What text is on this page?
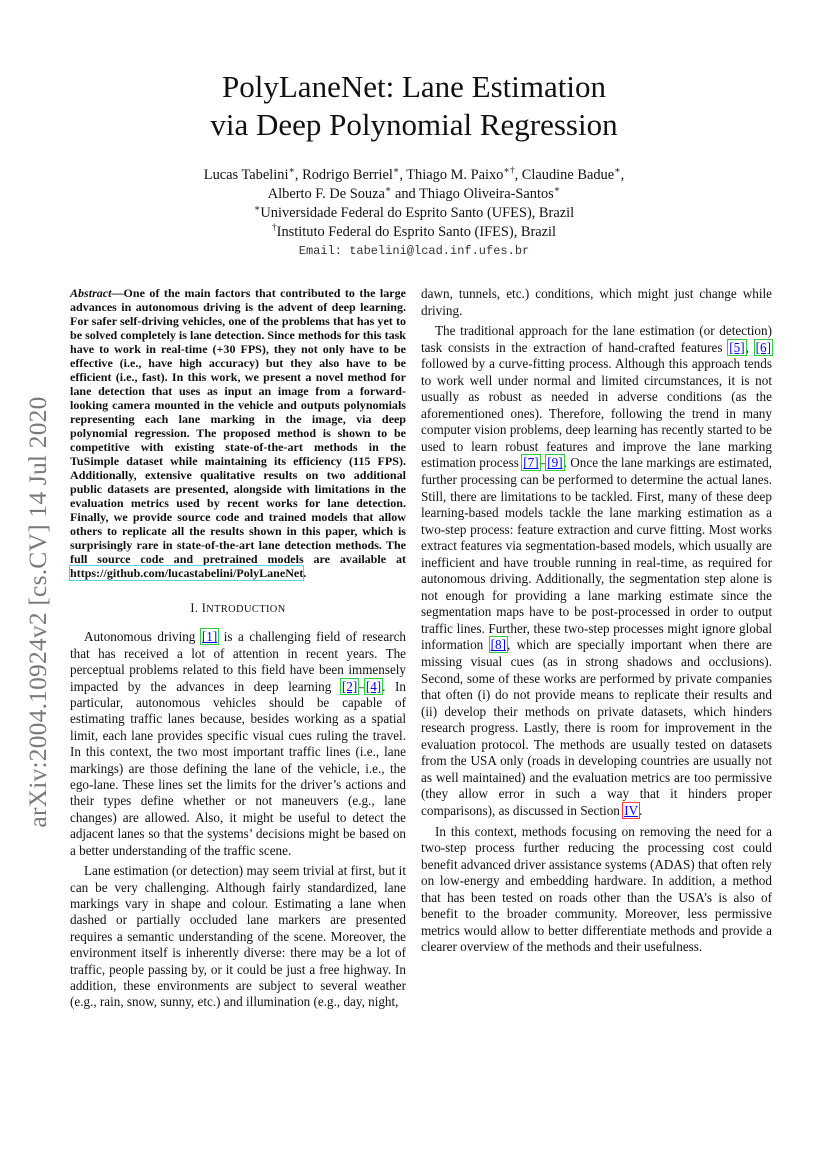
arXiv:2004.10924v2 [cs.CV] 14 Jul 2020
PolyLaneNet: Lane Estimation
via Deep Polynomial Regression
Lucas Tabelini∗, Rodrigo Berriel∗, Thiago M. Paixo∗†, Claudine Badue∗,
Alberto F. De Souza∗ and Thiago Oliveira-Santos∗
∗Universidade Federal do Esprito Santo (UFES), Brazil
†Instituto Federal do Esprito Santo (IFES), Brazil
Email: tabelini@lcad.inf.ufes.br

Abstract—One of the main factors that contributed to the large advances in autonomous driving is the advent of deep learning. For safer self-driving vehicles, one of the problems that has yet to be solved completely is lane detection. Since methods for this task have to work in real-time (+30 FPS), they not only have to be effective (i.e., have high accuracy) but they also have to be efficient (i.e., fast). In this work, we present a novel method for lane detection that uses as input an image from a forward-looking camera mounted in the vehicle and outputs polynomials representing each lane marking in the image, via deep polynomial regression. The proposed method is shown to be competitive with existing state-of-the-art methods in the TuSimple dataset while maintaining its efficiency (115 FPS). Additionally, extensive qualitative results on two additional public datasets are presented, alongside with limitations in the evaluation metrics used by recent works for lane detection. Finally, we provide source code and trained models that allow others to replicate all the results shown in this paper, which is surprisingly rare in state-of-the-art lane detection methods. The full source code and pretrained models are available at https://github.com/lucastabelini/PolyLaneNet.

I. INTRODUCTION

Autonomous driving [1] is a challenging field of research that has received a lot of attention in recent years. The perceptual problems related to this field have been immensely impacted by the advances in deep learning [2]–[4]. In particular, autonomous vehicles should be capable of estimating traffic lanes because, besides working as a spatial limit, each lane provides specific visual cues ruling the travel. In this context, the two most important traffic lines (i.e., lane markings) are those defining the lane of the vehicle, i.e., the ego-lane. These lines set the limits for the driver’s actions and their types define whether or not maneuvers (e.g., lane changes) are allowed. Also, it might be useful to detect the adjacent lanes so that the systems’ decisions might be based on a better understanding of the traffic scene.

Lane estimation (or detection) may seem trivial at first, but it can be very challenging. Although fairly standardized, lane markings vary in shape and colour. Estimating a lane when dashed or partially occluded lane markers are presented requires a semantic understanding of the scene. Moreover, the environment itself is inherently diverse: there may be a lot of traffic, people passing by, or it could be just a free highway. In addition, these environments are subject to several weather (e.g., rain, snow, sunny, etc.) and illumination (e.g., day, night,

dawn, tunnels, etc.) conditions, which might just change while driving.

The traditional approach for the lane estimation (or detection) task consists in the extraction of hand-crafted features [5], [6] followed by a curve-fitting process. Although this approach tends to work well under normal and limited circumstances, it is not usually as robust as needed in adverse conditions (as the aforementioned ones). Therefore, following the trend in many computer vision problems, deep learning has recently started to be used to learn robust features and improve the lane marking estimation process [7]–[9]. Once the lane markings are estimated, further processing can be performed to determine the actual lanes. Still, there are limitations to be tackled. First, many of these deep learning-based models tackle the lane marking estimation as a two-step process: feature extraction and curve fitting. Most works extract features via segmentation-based models, which usually are inefficient and have trouble running in real-time, as required for autonomous driving. Additionally, the segmentation step alone is not enough for providing a lane marking estimate since the segmentation maps have to be post-processed in order to output traffic lines. Further, these two-step processes might ignore global information [8], which are specially important when there are missing visual cues (as in strong shadows and occlusions). Second, some of these works are performed by private companies that often (i) do not provide means to replicate their results and (ii) develop their methods on private datasets, which hinders research progress. Lastly, there is room for improvement in the evaluation protocol. The methods are usually tested on datasets from the USA only (roads in developing countries are usually not as well maintained) and the evaluation metrics are too permissive (they allow error in such a way that it hinders proper comparisons), as discussed in Section IV.

In this context, methods focusing on removing the need for a two-step process further reducing the processing cost could benefit advanced driver assistance systems (ADAS) that often rely on low-energy and embedding hardware. In addition, a method that has been tested on roads other than the USA’s is also of benefit to the broader community. Moreover, less permissive metrics would allow to better differentiate methods and provide a clearer overview of the methods and their usefulness.
